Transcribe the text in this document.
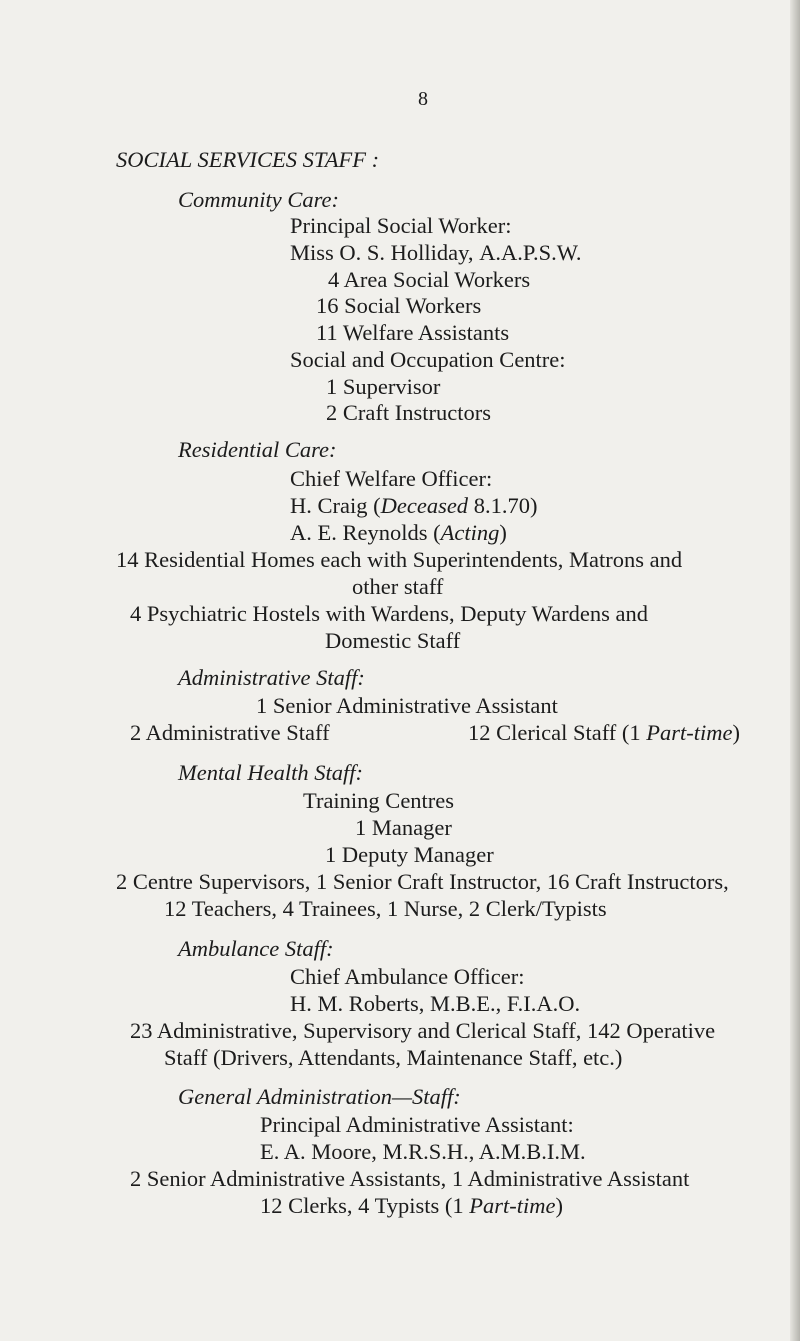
8
SOCIAL SERVICES STAFF :
Community Care:
Principal Social Worker:
Miss O. S. Holliday, A.A.P.S.W.
4 Area Social Workers
16 Social Workers
11 Welfare Assistants
Social and Occupation Centre:
1 Supervisor
2 Craft Instructors
Residential Care:
Chief Welfare Officer:
H. Craig (Deceased 8.1.70)
A. E. Reynolds (Acting)
14 Residential Homes each with Superintendents, Matrons and
other staff
4 Psychiatric Hostels with Wardens, Deputy Wardens and
Domestic Staff
Administrative Staff:
1 Senior Administrative Assistant
2 Administrative Staff	12 Clerical Staff (1 Part-time)
Mental Health Staff:
Training Centres
1 Manager
1 Deputy Manager
2 Centre Supervisors, 1 Senior Craft Instructor, 16 Craft Instructors,
12 Teachers, 4 Trainees, 1 Nurse, 2 Clerk/Typists
Ambulance Staff:
Chief Ambulance Officer:
H. M. Roberts, M.B.E., F.I.A.O.
23 Administrative, Supervisory and Clerical Staff, 142 Operative
Staff (Drivers, Attendants, Maintenance Staff, etc.)
General Administration—Staff:
Principal Administrative Assistant:
E. A. Moore, M.R.S.H., A.M.B.I.M.
2 Senior Administrative Assistants, 1 Administrative Assistant
12 Clerks, 4 Typists (1 Part-time)
